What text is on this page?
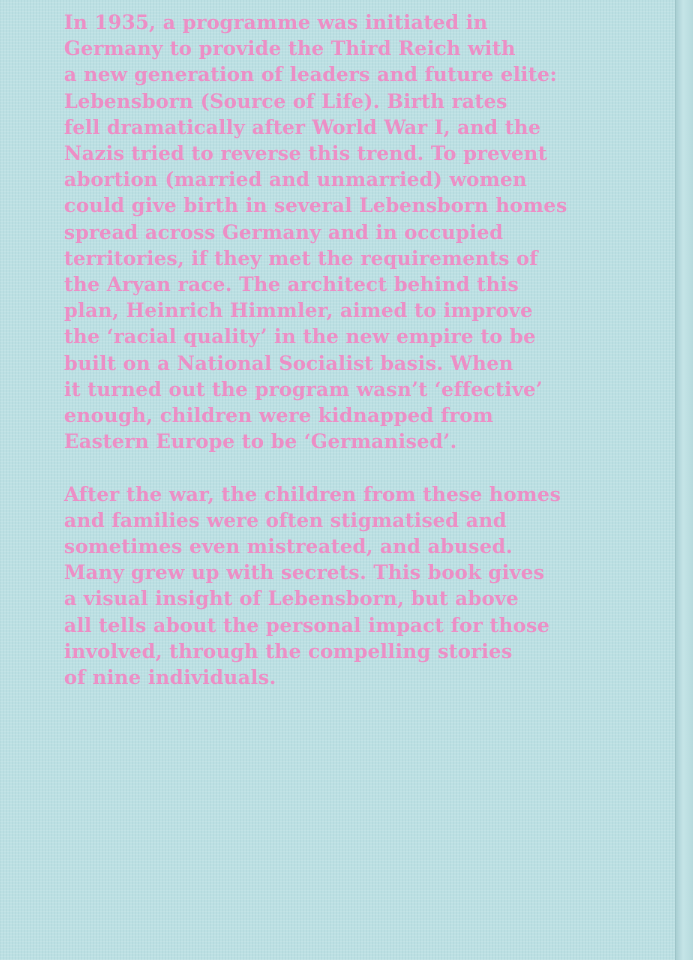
In 1935, a programme was initiated in
Germany to provide the Third Reich with
a new generation of leaders and future elite:
Lebensborn (Source of Life). Birth rates
fell dramatically after World War I, and the
Nazis tried to reverse this trend. To prevent
abortion (married and unmarried) women
could give birth in several Lebensborn homes
spread across Germany and in occupied
territories, if they met the requirements of
the Aryan race. The architect behind this
plan, Heinrich Himmler, aimed to improve
the ‘racial quality’ in the new empire to be
built on a National Socialist basis. When
it turned out the program wasn’t ‘effective’
enough, children were kidnapped from
Eastern Europe to be ‘Germanised’.
After the war, the children from these homes
and families were often stigmatised and
sometimes even mistreated, and abused.
Many grew up with secrets. This book gives
a visual insight of Lebensborn, but above
all tells about the personal impact for those
involved, through the compelling stories
of nine individuals.
